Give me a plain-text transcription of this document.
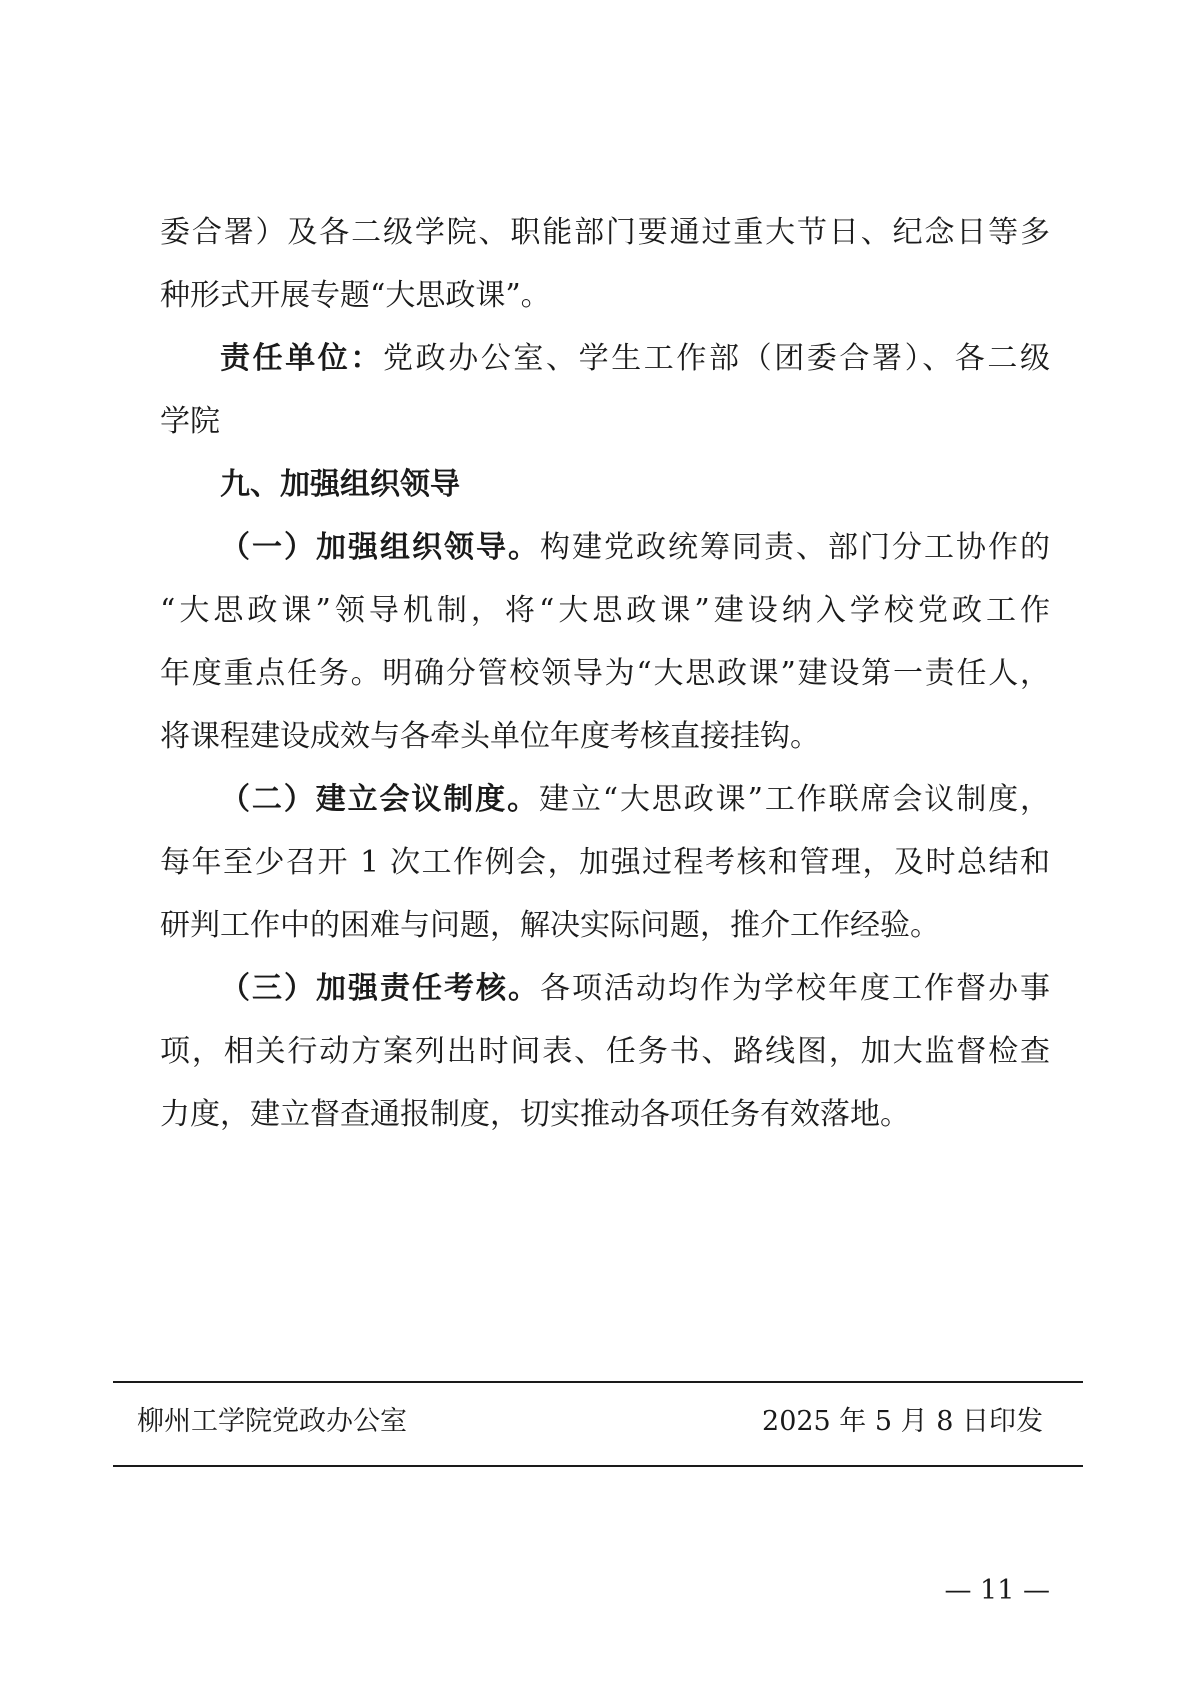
委合署）及各二级学院、职能部门要通过重大节日、纪念日等多
种形式开展专题“大思政课”。
责任单位：党政办公室、学生工作部（团委合署）、各二级
学院
九、加强组织领导
（一）加强组织领导。构建党政统筹同责、部门分工协作的
“大思政课”领导机制，将“大思政课”建设纳入学校党政工作
年度重点任务。明确分管校领导为“大思政课”建设第一责任人，
将课程建设成效与各牵头单位年度考核直接挂钩。
（二）建立会议制度。建立“大思政课”工作联席会议制度，
每年至少召开 1 次工作例会，加强过程考核和管理，及时总结和
研判工作中的困难与问题，解决实际问题，推介工作经验。
（三）加强责任考核。各项活动均作为学校年度工作督办事
项，相关行动方案列出时间表、任务书、路线图，加大监督检查
力度，建立督查通报制度，切实推动各项任务有效落地。
柳州工学院党政办公室	2025 年 5 月 8 日印发
— 11 —
